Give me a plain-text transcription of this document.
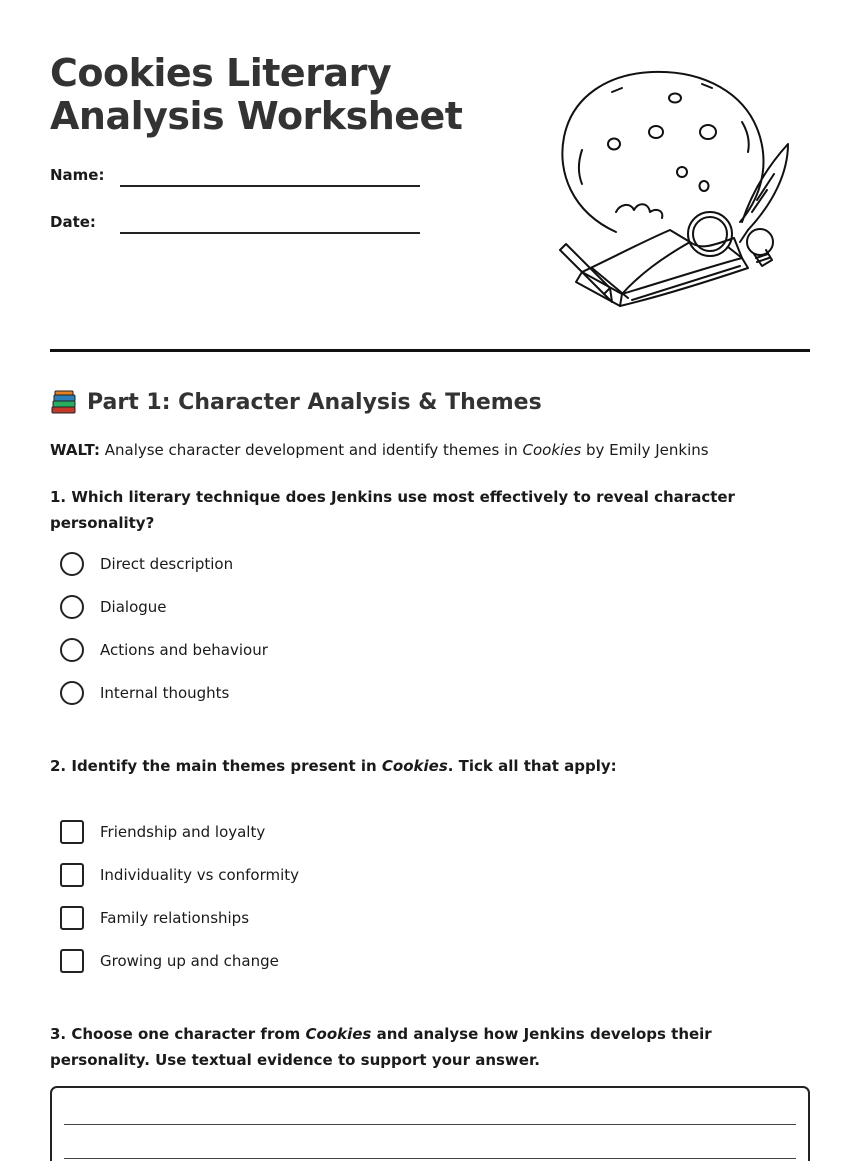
Cookies Literary
Analysis Worksheet
Name:
Date:
Part 1: Character Analysis & Themes
WALT: Analyse character development and identify themes in Cookies by Emily Jenkins
1. Which literary technique does Jenkins use most effectively to reveal character personality?
Direct description
Dialogue
Actions and behaviour
Internal thoughts
2. Identify the main themes present in Cookies. Tick all that apply:
Friendship and loyalty
Individuality vs conformity
Family relationships
Growing up and change
3. Choose one character from Cookies and analyse how Jenkins develops their personality. Use textual evidence to support your answer.
